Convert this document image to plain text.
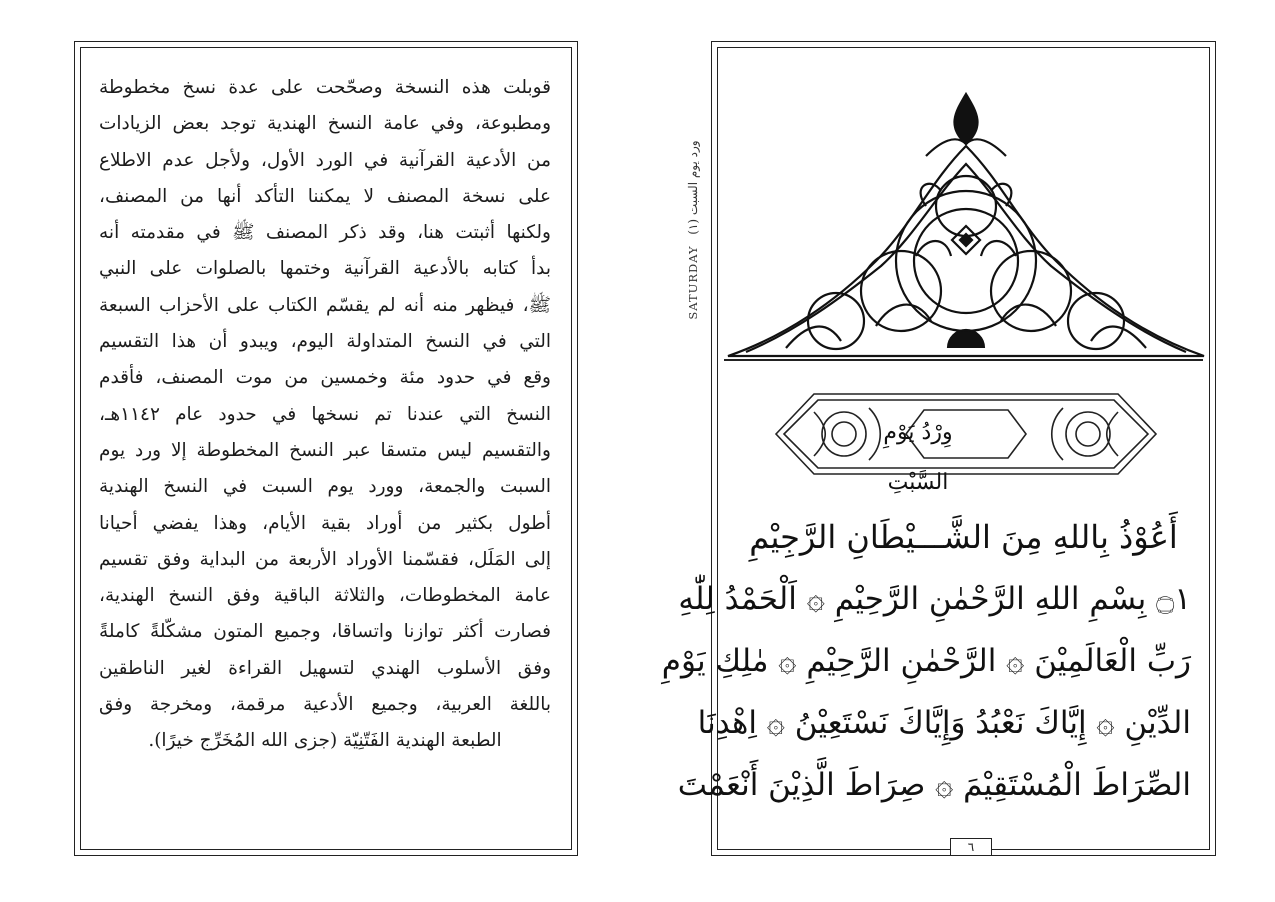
قوبلت هذه النسخة وصحّحت على عدة نسخ مخطوطة
ومطبوعة، وفي عامة النسخ الهندية توجد بعض الزيادات
من الأدعية القرآنية في الورد الأول، ولأجل عدم الاطلاع
على نسخة المصنف لا يمكننا التأكد أنها من المصنف،
ولكنها أثبتت هنا، وقد ذكر المصنف ﷺ في مقدمته أنه
بدأ كتابه بالأدعية القرآنية وختمها بالصلوات على النبي
ﷺ، فيظهر منه أنه لم يقسّم الكتاب على الأحزاب السبعة
التي في النسخ المتداولة اليوم، ويبدو أن هذا التقسيم
وقع في حدود مئة وخمسين من موت المصنف، فأقدم
النسخ التي عندنا تم نسخها في حدود عام ١١٤٢هـ،
والتقسيم ليس متسقا عبر النسخ المخطوطة إلا ورد يوم
السبت والجمعة، وورد يوم السبت في النسخ الهندية
أطول بكثير من أوراد بقية الأيام، وهذا يفضي أحيانا
إلى المَلَل، فقسّمنا الأوراد الأربعة من البداية وفق تقسيم
عامة المخطوطات، والثلاثة الباقية وفق النسخ الهندية،
فصارت أكثر توازنا واتساقا، وجميع المتون مشكّلةً كاملةً
وفق الأسلوب الهندي لتسهيل القراءة لغير الناطقين
باللغة العربية، وجميع الأدعية مرقمة، ومخرجة وفق
الطبعة الهندية الفَتّنِيّة (جزى الله المُخَرِّج خيرًا).
SATURDAY ورد يوم السبت (١)
وِرْدُ يَوْمِ السَّبْتِ
أَعُوْذُ بِاللهِ مِنَ الشَّـــيْطَانِ الرَّجِيْمِ
۝١ بِسْمِ اللهِ الرَّحْمٰنِ الرَّحِيْمِ ۞ اَلْحَمْدُ لِلّٰهِ
رَبِّ الْعَالَمِيْنَ ۞ الرَّحْمٰنِ الرَّحِيْمِ ۞ مٰلِكِ يَوْمِ
الدِّيْنِ ۞ إِيَّاكَ نَعْبُدُ وَإِيَّاكَ نَسْتَعِيْنُ ۞ اِهْدِنَا
الصِّرَاطَ الْمُسْتَقِيْمَ ۞ صِرَاطَ الَّذِيْنَ أَنْعَمْتَ
٦
